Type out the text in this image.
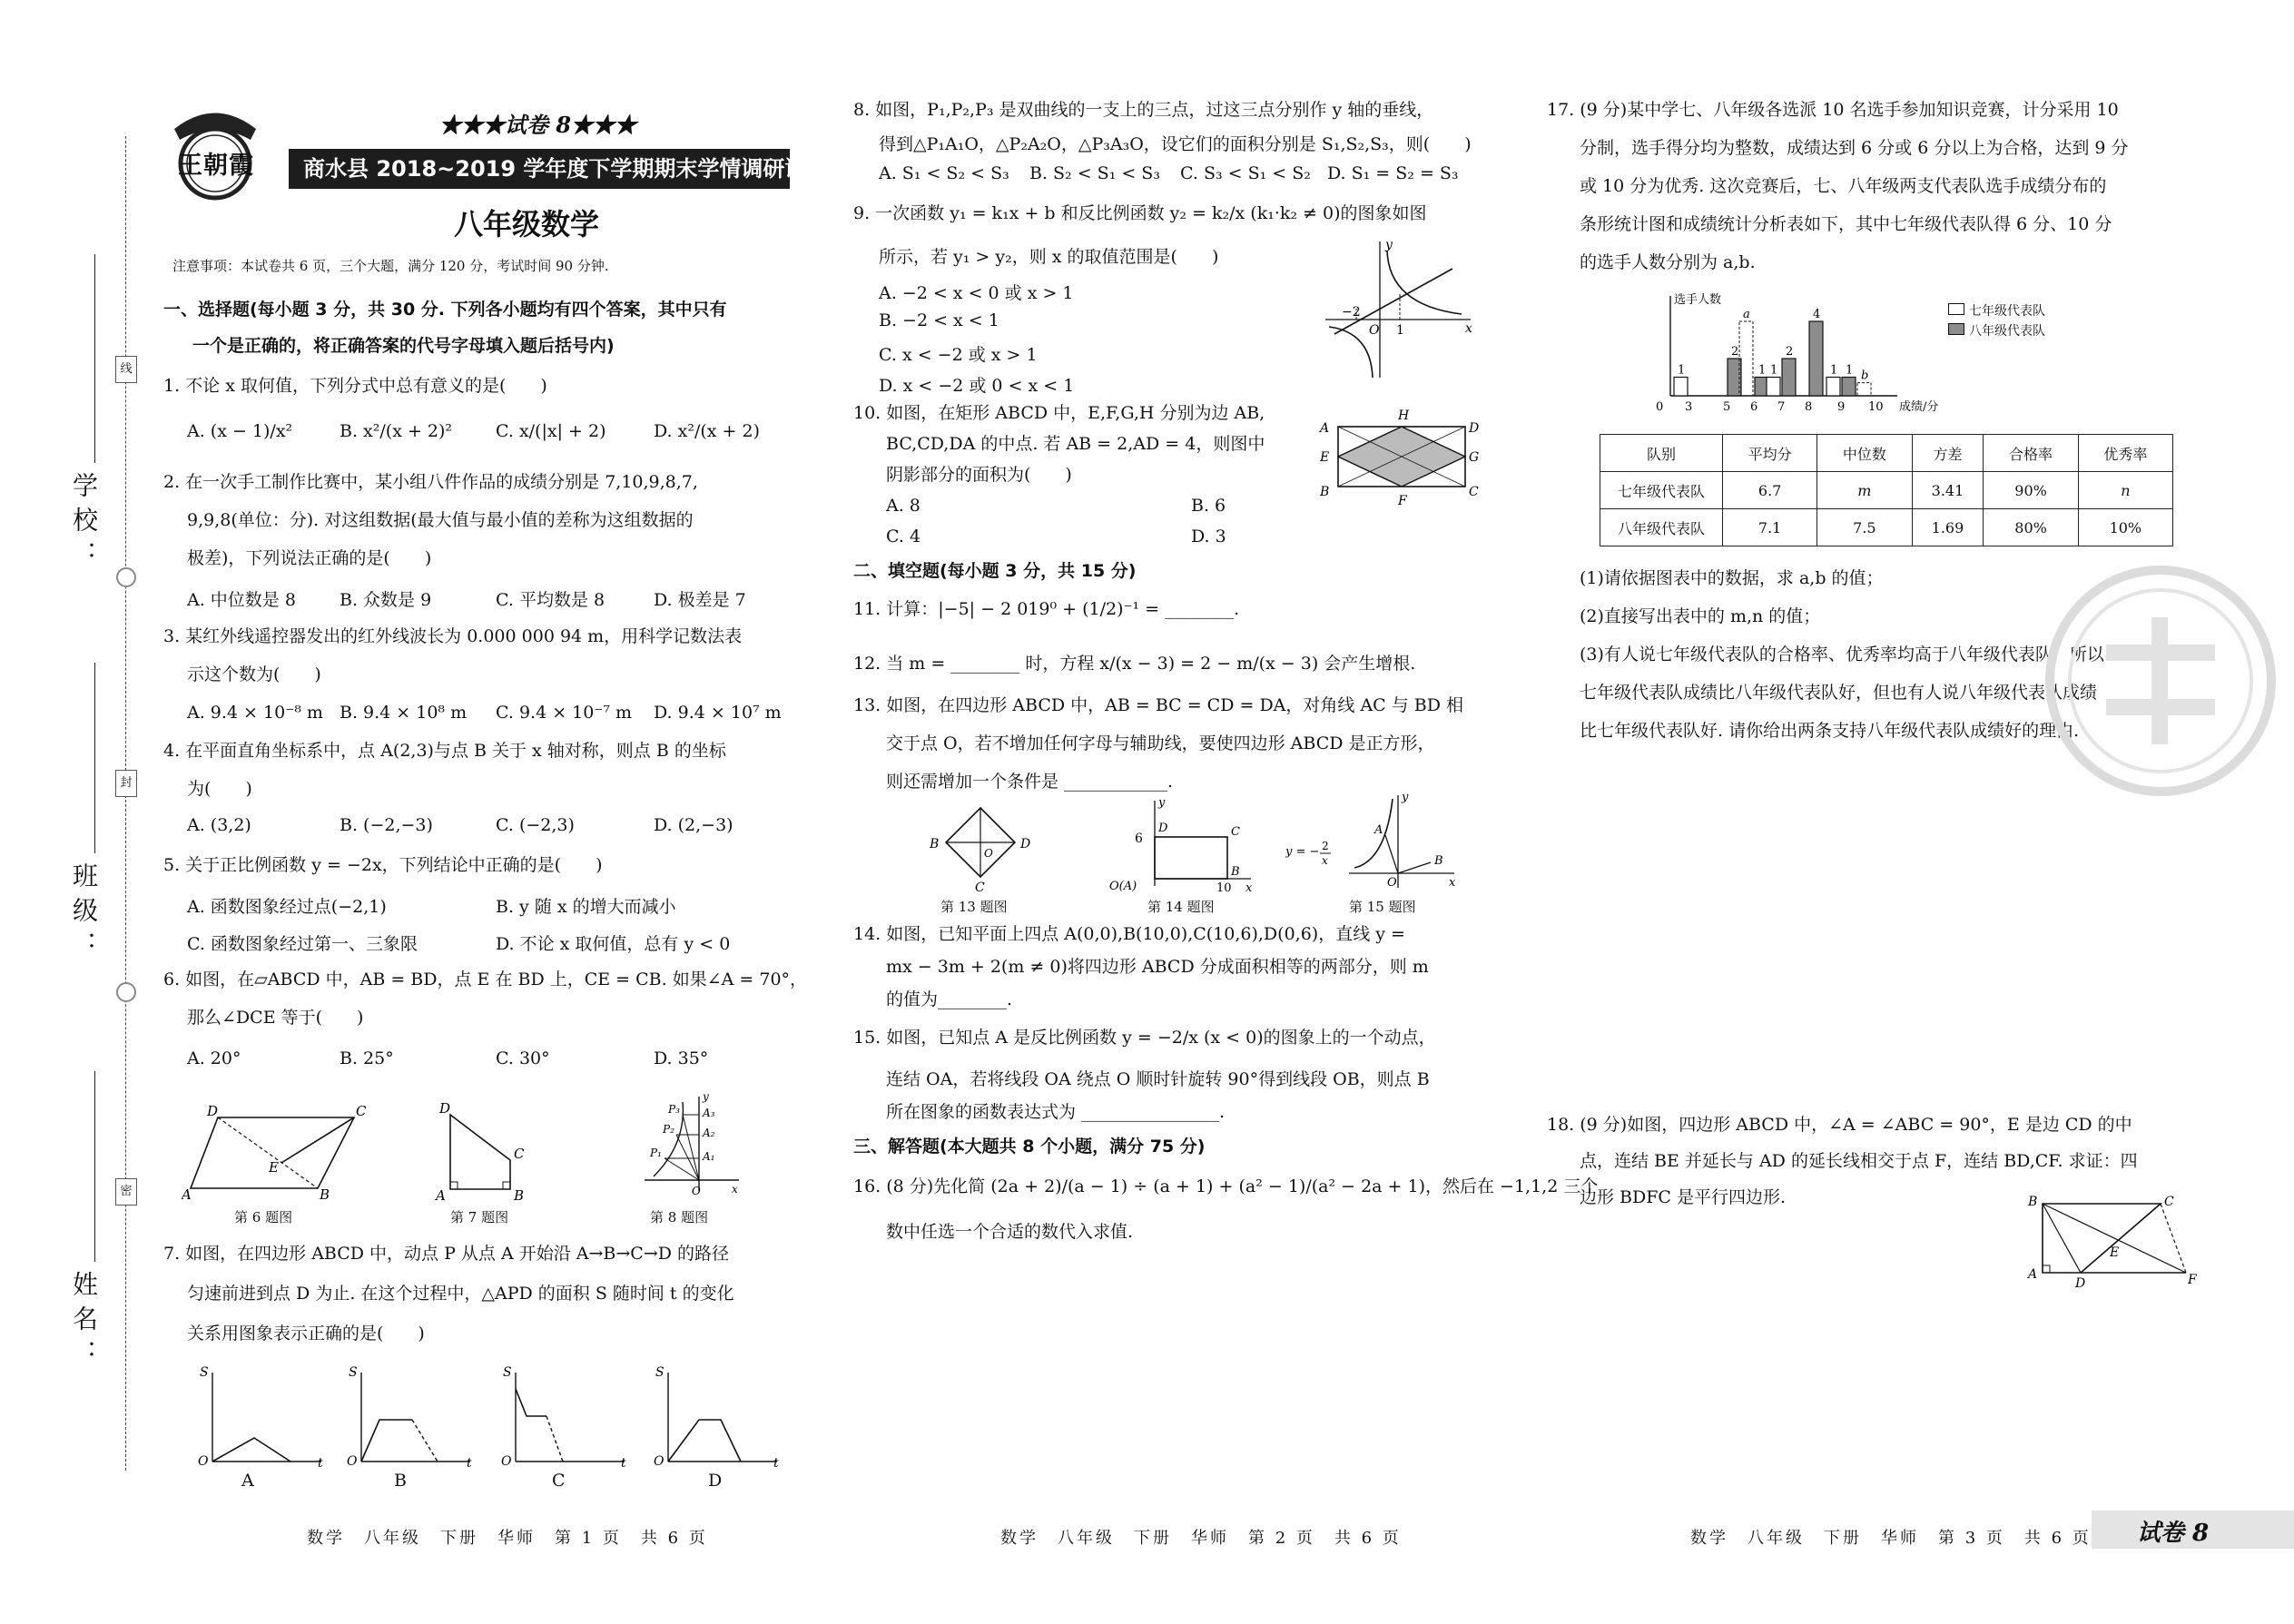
线
封
密
学校：
班级：
姓名：
王朝霞
★★★试卷 8★★★
商水县 2018~2019 学年度下学期期末学情调研试卷
八年级数学
注意事项：本试卷共 6 页，三个大题，满分 120 分，考试时间 90 分钟.
一、选择题(每小题 3 分，共 30 分. 下列各小题均有四个答案，其中只有
一个是正确的，将正确答案的代号字母填入题后括号内)
1. 不论 x 取何值，下列分式中总有意义的是(　　)
A. (x − 1)/x²	B. x²/(x + 2)²	C. x/(|x| + 2)	D. x²/(x + 2)
2. 在一次手工制作比赛中，某小组八件作品的成绩分别是 7,10,9,8,7,
9,9,8(单位：分). 对这组数据(最大值与最小值的差称为这组数据的
极差)，下列说法正确的是(　　)
A. 中位数是 8	B. 众数是 9	C. 平均数是 8	D. 极差是 7
3. 某红外线遥控器发出的红外线波长为 0.000 000 94 m，用科学记数法表
示这个数为(　　)
A. 9.4 × 10⁻⁸ m B. 9.4 × 10⁸ m C. 9.4 × 10⁻⁷ m D. 9.4 × 10⁷ m
4. 在平面直角坐标系中，点 A(2,3)与点 B 关于 x 轴对称，则点 B 的坐标
为(　　)
A. (3,2)	B. (−2,−3)	C. (−2,3)	D. (2,−3)
5. 关于正比例函数 y = −2x，下列结论中正确的是(　　)
A. 函数图象经过点(−2,1)	B. y 随 x 的增大而减小
C. 函数图象经过第一、三象限	D. 不论 x 取何值，总有 y < 0
6. 如图，在▱ABCD 中，AB = BD，点 E 在 BD 上，CE = CB. 如果∠A = 70°，
那么∠DCE 等于(　　)
A. 20°	B. 25°	C. 30°	D. 35°
D	C
A	B
E
第 6 题图
D
C
A	B
第 7 题图
P₃
P₂
P₁
A₃
A₂
A₁
O
y
x
第 8 题图
7. 如图，在四边形 ABCD 中，动点 P 从点 A 开始沿 A→B→C→D 的路径
匀速前进到点 D 为止. 在这个过程中，△APD 的面积 S 随时间 t 的变化
关系用图象表示正确的是(　　)
S
O	t
S
O	t
S
O	t
S
O	t
A	B	C	D
数学　八年级　下册　华师　第 1 页　共 6 页
8. 如图，P₁,P₂,P₃ 是双曲线的一支上的三点，过这三点分别作 y 轴的垂线，
得到△P₁A₁O，△P₂A₂O，△P₃A₃O，设它们的面积分别是 S₁,S₂,S₃，则(　　)
A. S₁ < S₂ < S₃ B. S₂ < S₁ < S₃ C. S₃ < S₁ < S₂ D. S₁ = S₂ = S₃
9. 一次函数 y₁ = k₁x + b 和反比例函数 y₂ = k₂/x (k₁·k₂ ≠ 0)的图象如图
所示，若 y₁ > y₂，则 x 的取值范围是(　　)
A. −2 < x < 0 或 x > 1
B. −2 < x < 1
C. x < −2 或 x > 1
D. x < −2 或 0 < x < 1
−2
1
O
y
x
10. 如图，在矩形 ABCD 中，E,F,G,H 分别为边 AB,
BC,CD,DA 的中点. 若 AB = 2,AD = 4，则图中
阴影部分的面积为(　　)
A. 8	B. 6
C. 4	D. 3
A	D
B	C
E	G
H
F
二、填空题(每小题 3 分，共 15 分)
11. 计算：|−5| − 2 019⁰ + (1/2)⁻¹ = ________.
12. 当 m = ________ 时，方程 x/(x − 3) = 2 − m/(x − 3) 会产生增根.
13. 如图，在四边形 ABCD 中，AB = BC = CD = DA，对角线 AC 与 BD 相
交于点 O，若不增加任何字母与辅助线，要使四边形 ABCD 是正方形，
则还需增加一个条件是 ____________.
B	D
C
O
第 13 题图
6
O(A)	10
C
B
D
y
x
第 14 题图
y = − 2
x
A
B
O
y
x
第 15 题图
14. 如图，已知平面上四点 A(0,0),B(10,0),C(10,6),D(0,6)，直线 y =
mx − 3m + 2(m ≠ 0)将四边形 ABCD 分成面积相等的两部分，则 m
的值为________.
15. 如图，已知点 A 是反比例函数 y = −2/x (x < 0)的图象上的一个动点，
连结 OA，若将线段 OA 绕点 O 顺时针旋转 90°得到线段 OB，则点 B
所在图象的函数表达式为 ________________.
三、解答题(本大题共 8 个小题，满分 75 分)
16. (8 分)先化简 (2a + 2)/(a − 1) ÷ (a + 1) + (a² − 1)/(a² − 2a + 1)，然后在 −1,1,2 三个
数中任选一个合适的数代入求值.
数学　八年级　下册　华师　第 2 页　共 6 页
17. (9 分)某中学七、八年级各选派 10 名选手参加知识竞赛，计分采用 10
分制，选手得分均为整数，成绩达到 6 分或 6 分以上为合格，达到 9 分
或 10 分为优秀. 这次竞赛后，七、八年级两支代表队选手成绩分布的
条形统计图和成绩统计分析表如下，其中七年级代表队得 6 分、10 分
的选手人数分别为 a,b.
选手人数
成绩/分
0 3	5 6 7 8 9 10
1
2
a
1 1
2
4
1 1 b
七年级代表队
八年级代表队
队别	平均分	中位数	方差	合格率	优秀率
七年级代表队	6.7	m	3.41	90%	n
八年级代表队	7.1	7.5	1.69	80%	10%
(1)请依据图表中的数据，求 a,b 的值；
(2)直接写出表中的 m,n 的值；
(3)有人说七年级代表队的合格率、优秀率均高于八年级代表队，所以
七年级代表队成绩比八年级代表队好，但也有人说八年级代表队成绩
比七年级代表队好. 请你给出两条支持八年级代表队成绩好的理由.
18. (9 分)如图，四边形 ABCD 中，∠A = ∠ABC = 90°，E 是边 CD 的中
点，连结 BE 并延长与 AD 的延长线相交于点 F，连结 BD,CF. 求证：四
边形 BDFC 是平行四边形.	B	C
A
D	F
E
数学　八年级　下册　华师　第 3 页　共 6 页 试卷 8
